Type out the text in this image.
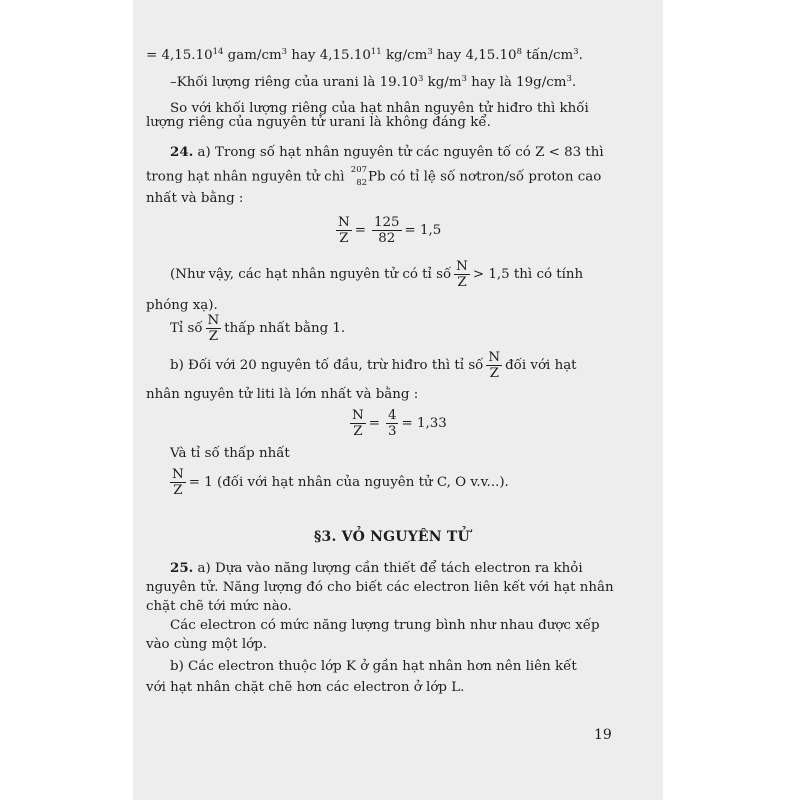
= $4,15.10^{14}$ gam/$cm^3$ hay 4,15.10$^{11}$ $kg/cm^3$ hay 4,15.10$^8$ tấn/$cm^3$.
–Khối lượng riêng của urani là 19.10$^3$ $kg/m^3$ hay là $19g/cm^3$.
So với khối lượng riêng của hạt nhân nguyên tử hiđro thì khối
lượng riêng của nguyên tử urani là không đáng kể.
24. a) Trong số hạt nhân nguyên tử các nguyên tố có Z < 83 thì
trong hạt nhân nguyên tử chì 207
82 Pb có tỉ lệ số nơtron/số proton cao
nhất và bằng :
$\frac{N}{Z} = \frac{125}{82} = 1,5$
(Như vậy, các hạt nhân nguyên tử có tỉ số $\frac{N}{Z} > 1,5$ thì có tính
phóng xạ).
Tỉ số $\frac{N}{Z}$ thấp nhất bằng 1.
b) Đối với 20 nguyên tố đầu, trừ hiđro thì tỉ số $\frac{N}{Z}$ đối với hạt
nhân nguyên tử liti là lớn nhất và bằng :
$\frac{N}{Z} = \frac{4}{3} = 1,33$
Và tỉ số thấp nhất
$\frac{N}{Z} = 1$ (đối với hạt nhân của nguyên tử C, O v.v...).
§3. VỎ NGUYÊN TỬ
25. a) Dựa vào năng lượng cần thiết để tách electron ra khỏi
nguyên tử. Năng lượng đó cho biết các electron liên kết với hạt nhân
chặt chẽ tới mức nào.
Các electron có mức năng lượng trung bình như nhau được xếp
vào cùng một lớp.
b) Các electron thuộc lớp K ở gần hạt nhân hơn nên liên kết
với hạt nhân chặt chẽ hơn các electron ở lớp L.
19
